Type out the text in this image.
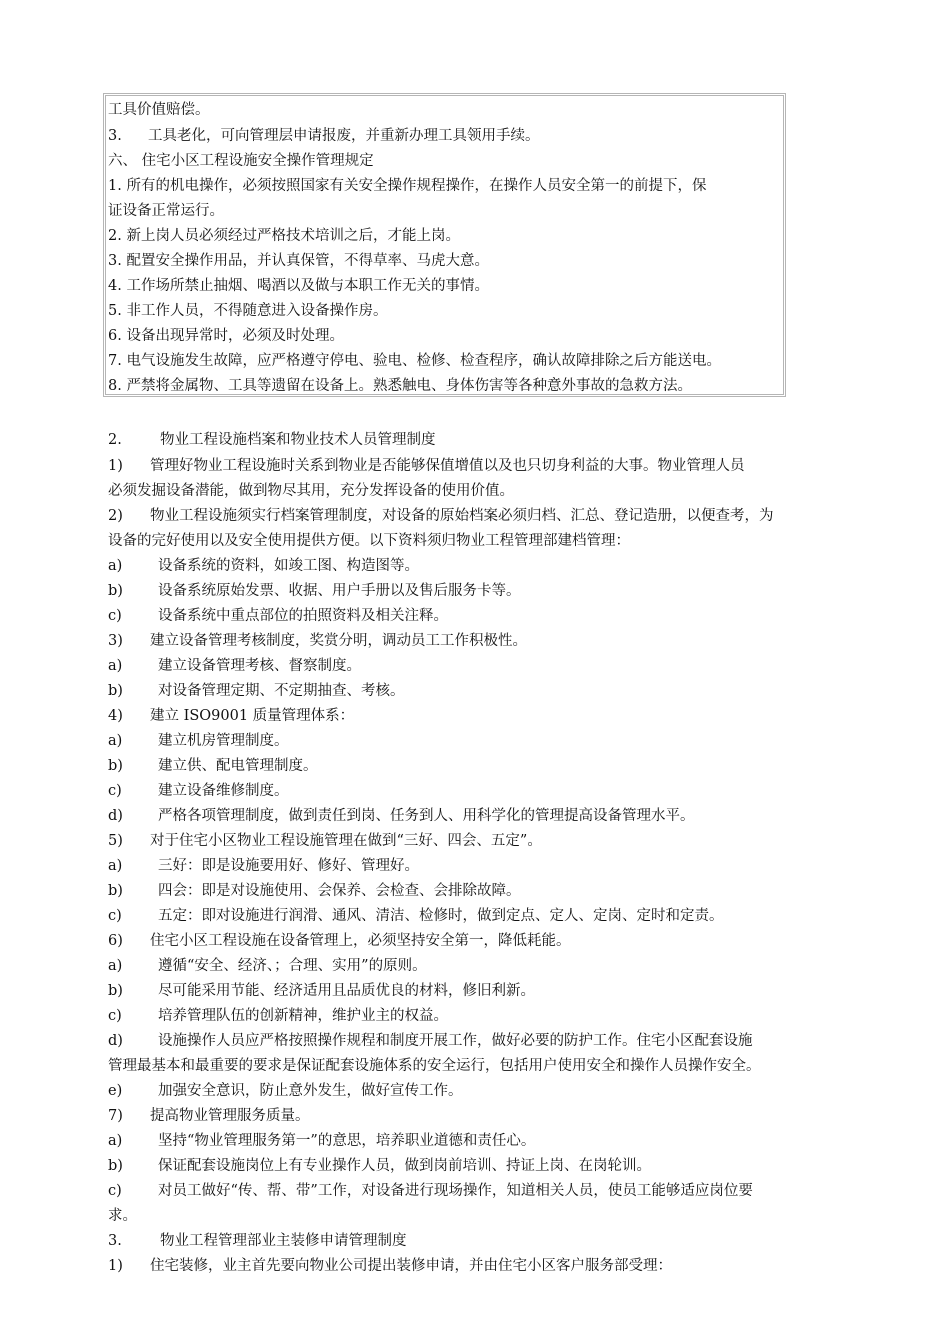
工具价值赔偿。
3. 工具老化，可向管理层申请报废，并重新办理工具领用手续。
六、 住宅小区工程设施安全操作管理规定
1. 所有的机电操作，必须按照国家有关安全操作规程操作，在操作人员安全第一的前提下，保
证设备正常运行。
2. 新上岗人员必须经过严格技术培训之后，才能上岗。
3. 配置安全操作用品，并认真保管，不得草率、马虎大意。
4. 工作场所禁止抽烟、喝酒以及做与本职工作无关的事情。
5. 非工作人员，不得随意进入设备操作房。
6. 设备出现异常时，必须及时处理。
7. 电气设施发生故障，应严格遵守停电、验电、检修、检查程序，确认故障排除之后方能送电。
8. 严禁将金属物、工具等遗留在设备上。熟悉触电、身体伤害等各种意外事故的急救方法。
2.	物业工程设施档案和物业技术人员管理制度
1) 管理好物业工程设施时关系到物业是否能够保值增值以及也只切身利益的大事。物业管理人员
必须发掘设备潜能，做到物尽其用，充分发挥设备的使用价值。
2) 物业工程设施须实行档案管理制度，对设备的原始档案必须归档、汇总、登记造册，以便查考，为
设备的完好使用以及安全使用提供方便。以下资料须归物业工程管理部建档管理：
a) 设备系统的资料，如竣工图、构造图等。
b) 设备系统原始发票、收据、用户手册以及售后服务卡等。
c) 设备系统中重点部位的拍照资料及相关注释。
3) 建立设备管理考核制度，奖赏分明，调动员工工作积极性。
a) 建立设备管理考核、督察制度。
b) 对设备管理定期、不定期抽查、考核。
4) 建立 ISO9001 质量管理体系：
a) 建立机房管理制度。
b) 建立供、配电管理制度。
c) 建立设备维修制度。
d) 严格各项管理制度，做到责任到岗、任务到人、用科学化的管理提高设备管理水平。
5) 对于住宅小区物业工程设施管理在做到“三好、四会、五定”。
a) 三好：即是设施要用好、修好、管理好。
b) 四会：即是对设施使用、会保养、会检查、会排除故障。
c) 五定：即对设施进行润滑、通风、清洁、检修时，做到定点、定人、定岗、定时和定责。
6) 住宅小区工程设施在设备管理上，必须坚持安全第一，降低耗能。
a) 遵循“安全、经济、；合理、实用”的原则。
b) 尽可能采用节能、经济适用且品质优良的材料，修旧利新。
c) 培养管理队伍的创新精神，维护业主的权益。
d) 设施操作人员应严格按照操作规程和制度开展工作，做好必要的防护工作。住宅小区配套设施
管理最基本和最重要的要求是保证配套设施体系的安全运行，包括用户使用安全和操作人员操作安全。
e) 加强安全意识，防止意外发生，做好宣传工作。
7) 提高物业管理服务质量。
a) 坚持“物业管理服务第一”的意思，培养职业道德和责任心。
b) 保证配套设施岗位上有专业操作人员，做到岗前培训、持证上岗、在岗轮训。
c) 对员工做好“传、帮、带”工作，对设备进行现场操作，知道相关人员，使员工能够适应岗位要
求。
3.	物业工程管理部业主装修申请管理制度
1) 住宅装修，业主首先要向物业公司提出装修申请，并由住宅小区客户服务部受理：
